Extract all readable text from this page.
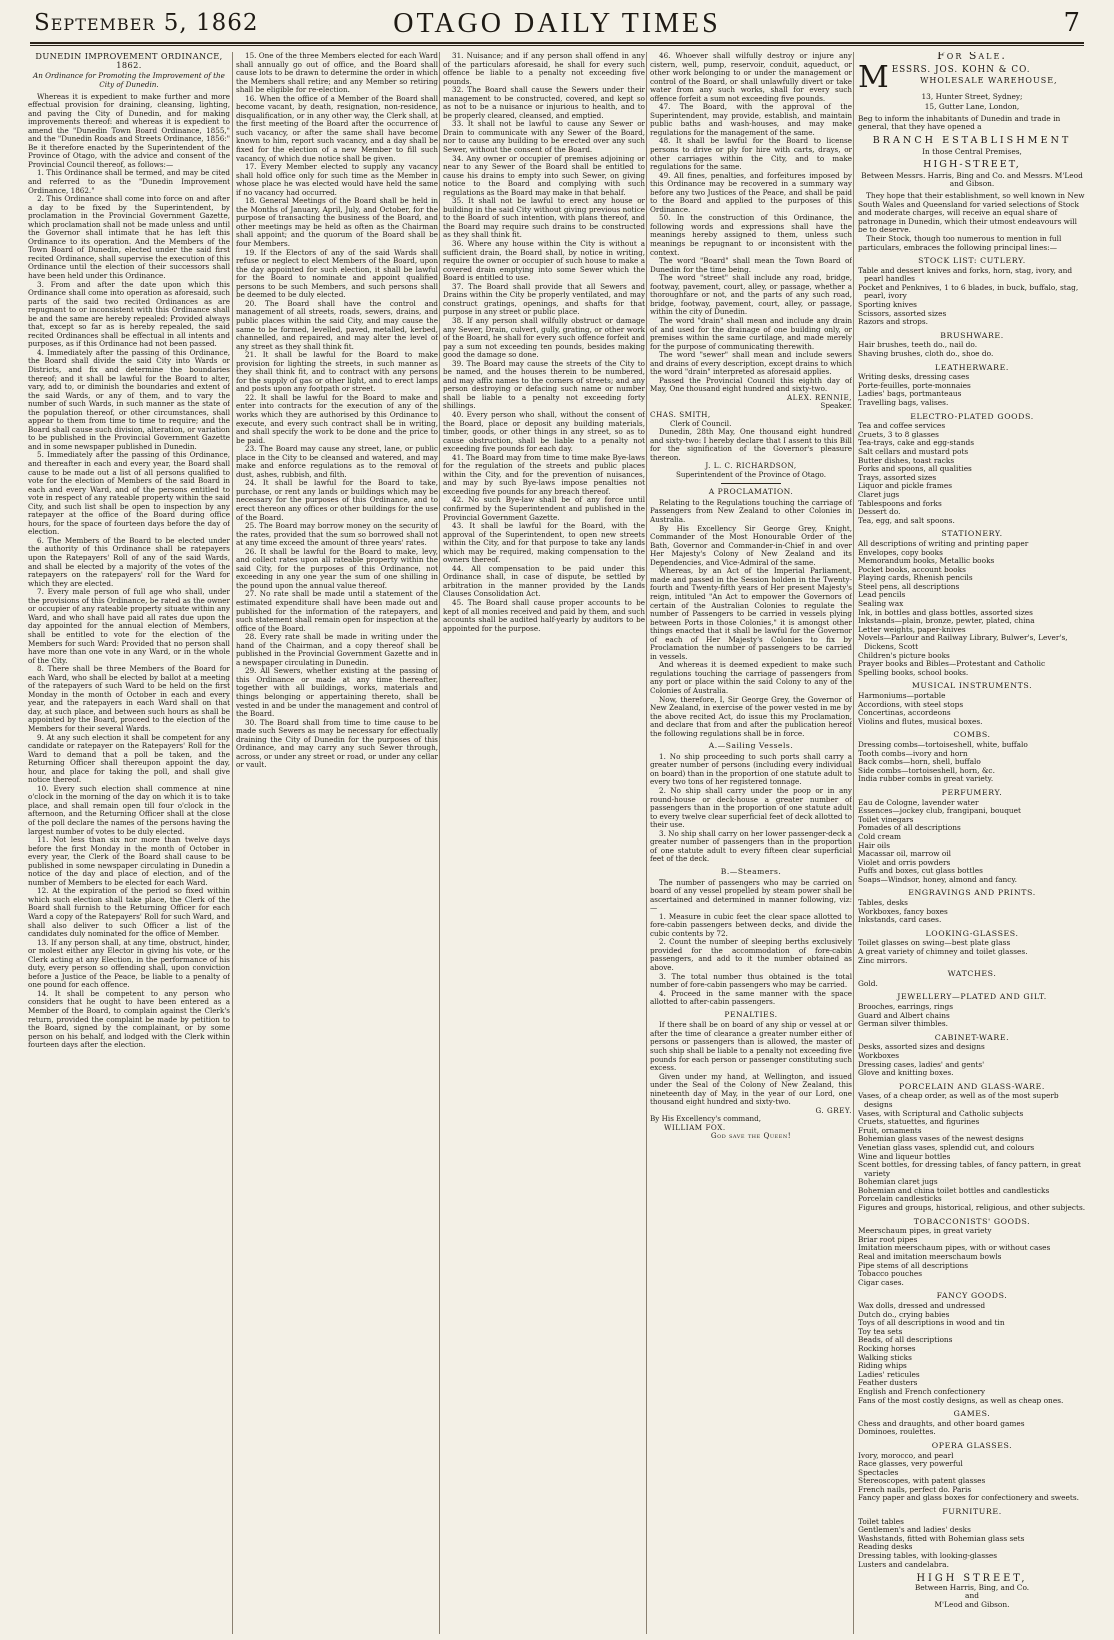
September 5, 1862	OTAGO DAILY TIMES	7
DUNEDIN IMPROVEMENT ORDINANCE, 1862.
An Ordinance for Promoting the Improvement of the City of Dunedin.

Whereas it is expedient to make further and more effectual provision for draining, cleansing, lighting, and paving the City of Dunedin, and for making improvements thereof: and whereas it is expedient to amend the "Dunedin Town Board Ordinance, 1855," and the "Dunedin Roads and Streets Ordinance, 1856:" Be it therefore enacted by the Superintendent of the Province of Otago, with the advice and consent of the Provincial Council thereof, as follows:—

1. This Ordinance shall be termed, and may be cited and referred to as the "Dunedin Improvement Ordinance, 1862."

2. This Ordinance shall come into force on and after a day to be fixed by the Superintendent, by proclamation in the Provincial Government Gazette, which proclamation shall not be made unless and until the Governor shall intimate that he has left this Ordinance to its operation. And the Members of the Town Board of Dunedin, elected under the said first recited Ordinance, shall supervise the execution of this Ordinance until the election of their successors shall have been held under this Ordinance.

3. From and after the date upon which this Ordinance shall come into operation as aforesaid, such parts of the said two recited Ordinances as are repugnant to or inconsistent with this Ordinance shall be and the same are hereby repealed: Provided always that, except so far as is hereby repealed, the said recited Ordinances shall be effectual in all intents and purposes, as if this Ordinance had not been passed.

4. Immediately after the passing of this Ordinance, the Board shall divide the said City into Wards or Districts, and fix and determine the boundaries thereof; and it shall be lawful for the Board to alter, vary, add to, or diminish the boundaries and extent of the said Wards, or any of them, and to vary the number of such Wards, in such manner as the state of the population thereof, or other circumstances, shall appear to them from time to time to require; and the Board shall cause such division, alteration, or variation to be published in the Provincial Government Gazette and in some newspaper published in Dunedin.

5. Immediately after the passing of this Ordinance, and thereafter in each and every year, the Board shall cause to be made out a list of all persons qualified to vote for the election of Members of the said Board in each and every Ward, and of the persons entitled to vote in respect of any rateable property within the said City, and such list shall be open to inspection by any ratepayer at the office of the Board during office hours, for the space of fourteen days before the day of election.

6. The Members of the Board to be elected under the authority of this Ordinance shall be ratepayers upon the Ratepayers' Roll of any of the said Wards, and shall be elected by a majority of the votes of the ratepayers on the ratepayers' roll for the Ward for which they are elected.

7. Every male person of full age who shall, under the provisions of this Ordinance, be rated as the owner or occupier of any rateable property situate within any Ward, and who shall have paid all rates due upon the day appointed for the annual election of Members, shall be entitled to vote for the election of the Members for such Ward: Provided that no person shall have more than one vote in any Ward, or in the whole of the City.

8. There shall be three Members of the Board for each Ward, who shall be elected by ballot at a meeting of the ratepayers of such Ward to be held on the first Monday in the month of October in each and every year, and the ratepayers in each Ward shall on that day, at such place, and between such hours as shall be appointed by the Board, proceed to the election of the Members for their several Wards.

9. At any such election it shall be competent for any candidate or ratepayer on the Ratepayers' Roll for the Ward to demand that a poll be taken, and the Returning Officer shall thereupon appoint the day, hour, and place for taking the poll, and shall give notice thereof.

10. Every such election shall commence at nine o'clock in the morning of the day on which it is to take place, and shall remain open till four o'clock in the afternoon, and the Returning Officer shall at the close of the poll declare the names of the persons having the largest number of votes to be duly elected.

11. Not less than six nor more than twelve days before the first Monday in the month of October in every year, the Clerk of the Board shall cause to be published in some newspaper circulating in Dunedin a notice of the day and place of election, and of the number of Members to be elected for each Ward.

12. At the expiration of the period so fixed within which such election shall take place, the Clerk of the Board shall furnish to the Returning Officer for each Ward a copy of the Ratepayers' Roll for such Ward, and shall also deliver to such Officer a list of the candidates duly nominated for the office of Member.

13. If any person shall, at any time, obstruct, hinder, or molest either any Elector in giving his vote, or the Clerk acting at any Election, in the performance of his duty, every person so offending shall, upon conviction before a Justice of the Peace, be liable to a penalty of one pound for each offence.

14. It shall be competent to any person who considers that he ought to have been entered as a Member of the Board, to complain against the Clerk's return, provided the complaint be made by petition to the Board, signed by the complainant, or by some person on his behalf, and lodged with the Clerk within fourteen days after the election.

15. One of the three Members elected for each Ward shall annually go out of office, and the Board shall cause lots to be drawn to determine the order in which the Members shall retire; and any Member so retiring shall be eligible for re-election.

16. When the office of a Member of the Board shall become vacant, by death, resignation, non-residence, disqualification, or in any other way, the Clerk shall, at the first meeting of the Board after the occurrence of such vacancy, or after the same shall have become known to him, report such vacancy, and a day shall be fixed for the election of a new Member to fill such vacancy, of which due notice shall be given.

17. Every Member elected to supply any vacancy shall hold office only for such time as the Member in whose place he was elected would have held the same if no vacancy had occurred.

18. General Meetings of the Board shall be held in the Months of January, April, July, and October, for the purpose of transacting the business of the Board, and other meetings may be held as often as the Chairman shall appoint; and the quorum of the Board shall be four Members.

19. If the Electors of any of the said Wards shall refuse or neglect to elect Members of the Board, upon the day appointed for such election, it shall be lawful for the Board to nominate and appoint qualified persons to be such Members, and such persons shall be deemed to be duly elected.

20. The Board shall have the control and management of all streets, roads, sewers, drains, and public places within the said City, and may cause the same to be formed, levelled, paved, metalled, kerbed, channelled, and repaired, and may alter the level of any street as they shall think fit.

21. It shall be lawful for the Board to make provision for lighting the streets, in such manner as they shall think fit, and to contract with any persons for the supply of gas or other light, and to erect lamps and posts upon any footpath or street.

22. It shall be lawful for the Board to make and enter into contracts for the execution of any of the works which they are authorised by this Ordinance to execute, and every such contract shall be in writing, and shall specify the work to be done and the price to be paid.

23. The Board may cause any street, lane, or public place in the City to be cleansed and watered, and may make and enforce regulations as to the removal of dust, ashes, rubbish, and filth.

24. It shall be lawful for the Board to take, purchase, or rent any lands or buildings which may be necessary for the purposes of this Ordinance, and to erect thereon any offices or other buildings for the use of the Board.

25. The Board may borrow money on the security of the rates, provided that the sum so borrowed shall not at any time exceed the amount of three years' rates.

26. It shall be lawful for the Board to make, levy, and collect rates upon all rateable property within the said City, for the purposes of this Ordinance, not exceeding in any one year the sum of one shilling in the pound upon the annual value thereof.

27. No rate shall be made until a statement of the estimated expenditure shall have been made out and published for the information of the ratepayers, and such statement shall remain open for inspection at the office of the Board.

28. Every rate shall be made in writing under the hand of the Chairman, and a copy thereof shall be published in the Provincial Government Gazette and in a newspaper circulating in Dunedin.

29. All Sewers, whether existing at the passing of this Ordinance or made at any time thereafter, together with all buildings, works, materials and things belonging or appertaining thereto, shall be vested in and be under the management and control of the Board.

30. The Board shall from time to time cause to be made such Sewers as may be necessary for effectually draining the City of Dunedin for the purposes of this Ordinance, and may carry any such Sewer through, across, or under any street or road, or under any cellar or vault.

31. Nuisance; and if any person shall offend in any of the particulars aforesaid, he shall for every such offence be liable to a penalty not exceeding five pounds.

32. The Board shall cause the Sewers under their management to be constructed, covered, and kept so as not to be a nuisance or injurious to health, and to be properly cleared, cleansed, and emptied.

33. It shall not be lawful to cause any Sewer or Drain to communicate with any Sewer of the Board, nor to cause any building to be erected over any such Sewer, without the consent of the Board.

34. Any owner or occupier of premises adjoining or near to any Sewer of the Board shall be entitled to cause his drains to empty into such Sewer, on giving notice to the Board and complying with such regulations as the Board may make in that behalf.

35. It shall not be lawful to erect any house or building in the said City without giving previous notice to the Board of such intention, with plans thereof, and the Board may require such drains to be constructed as they shall think fit.

36. Where any house within the City is without a sufficient drain, the Board shall, by notice in writing, require the owner or occupier of such house to make a covered drain emptying into some Sewer which the Board is entitled to use.

37. The Board shall provide that all Sewers and Drains within the City be properly ventilated, and may construct gratings, openings, and shafts for that purpose in any street or public place.

38. If any person shall wilfully obstruct or damage any Sewer, Drain, culvert, gully, grating, or other work of the Board, he shall for every such offence forfeit and pay a sum not exceeding ten pounds, besides making good the damage so done.

39. The Board may cause the streets of the City to be named, and the houses therein to be numbered, and may affix names to the corners of streets; and any person destroying or defacing such name or number shall be liable to a penalty not exceeding forty shillings.

40. Every person who shall, without the consent of the Board, place or deposit any building materials, timber, goods, or other things in any street, so as to cause obstruction, shall be liable to a penalty not exceeding five pounds for each day.

41. The Board may from time to time make Bye-laws for the regulation of the streets and public places within the City, and for the prevention of nuisances, and may by such Bye-laws impose penalties not exceeding five pounds for any breach thereof.

42. No such Bye-law shall be of any force until confirmed by the Superintendent and published in the Provincial Government Gazette.

43. It shall be lawful for the Board, with the approval of the Superintendent, to open new streets within the City, and for that purpose to take any lands which may be required, making compensation to the owners thereof.

44. All compensation to be paid under this Ordinance shall, in case of dispute, be settled by arbitration in the manner provided by the Lands Clauses Consolidation Act.

45. The Board shall cause proper accounts to be kept of all monies received and paid by them, and such accounts shall be audited half-yearly by auditors to be appointed for the purpose.

46. Whoever shall wilfully destroy or injure any cistern, well, pump, reservoir, conduit, aqueduct, or other work belonging to or under the management or control of the Board, or shall unlawfully divert or take water from any such works, shall for every such offence forfeit a sum not exceeding five pounds.

47. The Board, with the approval of the Superintendent, may provide, establish, and maintain public baths and wash-houses, and may make regulations for the management of the same.

48. It shall be lawful for the Board to license persons to drive or ply for hire with carts, drays, or other carriages within the City, and to make regulations for the same.

49. All fines, penalties, and forfeitures imposed by this Ordinance may be recovered in a summary way before any two Justices of the Peace, and shall be paid to the Board and applied to the purposes of this Ordinance.

50. In the construction of this Ordinance, the following words and expressions shall have the meanings hereby assigned to them, unless such meanings be repugnant to or inconsistent with the context.

The word "Board" shall mean the Town Board of Dunedin for the time being.

The word "street" shall include any road, bridge, footway, pavement, court, alley, or passage, whether a thoroughfare or not, and the parts of any such road, bridge, footway, pavement, court, alley, or passage, within the city of Dunedin.

The word "drain" shall mean and include any drain of and used for the drainage of one building only, or premises within the same curtilage, and made merely for the purpose of communicating therewith.

The word "sewer" shall mean and include sewers and drains of every description, except drains to which the word "drain" interpreted as aforesaid applies.

Passed the Provincial Council this eighth day of May, One thousand eight hundred and sixty-two.

ALEX. RENNIE,

Speaker.

CHAS. SMITH,

Clerk of Council.

Dunedin, 28th May, One thousand eight hundred and sixty-two: I hereby declare that I assent to this Bill for the signification of the Governor's pleasure thereon.

J. L. C. RICHARDSON,

Superintendent of the Province of Otago.

A PROCLAMATION.

Relating to the Regulations touching the carriage of Passengers from New Zealand to other Colonies in Australia.

By His Excellency Sir George Grey, Knight, Commander of the Most Honourable Order of the Bath, Governor and Commander-in-Chief in and over Her Majesty's Colony of New Zealand and its Dependencies, and Vice-Admiral of the same.

Whereas, by an Act of the Imperial Parliament, made and passed in the Session holden in the Twenty-fourth and Twenty-fifth years of Her present Majesty's reign, intituled "An Act to empower the Governors of certain of the Australian Colonies to regulate the number of Passengers to be carried in vessels plying between Ports in those Colonies," it is amongst other things enacted that it shall be lawful for the Governor of each of Her Majesty's Colonies to fix by Proclamation the number of passengers to be carried in vessels.

And whereas it is deemed expedient to make such regulations touching the carriage of passengers from any port or place within the said Colony to any of the Colonies of Australia.

Now, therefore, I, Sir George Grey, the Governor of New Zealand, in exercise of the power vested in me by the above recited Act, do issue this my Proclamation, and declare that from and after the publication hereof the following regulations shall be in force.

A.—Sailing Vessels.

1. No ship proceeding to such ports shall carry a greater number of persons (including every individual on board) than in the proportion of one statute adult to every two tons of her registered tonnage.

2. No ship shall carry under the poop or in any round-house or deck-house a greater number of passengers than in the proportion of one statute adult to every twelve clear superficial feet of deck allotted to their use.

3. No ship shall carry on her lower passenger-deck a greater number of passengers than in the proportion of one statute adult to every fifteen clear superficial feet of the deck.

B.—Steamers.

The number of passengers who may be carried on board of any vessel propelled by steam power shall be ascertained and determined in manner following, viz:—

1. Measure in cubic feet the clear space allotted to fore-cabin passengers between decks, and divide the cubic contents by 72.

2. Count the number of sleeping berths exclusively provided for the accommodation of fore-cabin passengers, and add to it the number obtained as above.

3. The total number thus obtained is the total number of fore-cabin passengers who may be carried.

4. Proceed in the same manner with the space allotted to after-cabin passengers.

PENALTIES.

If there shall be on board of any ship or vessel at or after the time of clearance a greater number either of persons or passengers than is allowed, the master of such ship shall be liable to a penalty not exceeding five pounds for each person or passenger constituting such excess.

Given under my hand, at Wellington, and issued under the Seal of the Colony of New Zealand, this nineteenth day of May, in the year of our Lord, one thousand eight hundred and sixty-two.

G. GREY.

By His Excellency's command,

WILLIAM FOX.

God save the Queen!

For Sale.
M ESSRS. JOS. KOHN & CO.
WHOLESALE WAREHOUSE,
13, Hunter Street, Sydney;
15, Gutter Lane, London,
Beg to inform the inhabitants of Dunedin and trade in general, that they have opened a
BRANCH ESTABLISHMENT
In those Central Premises,
HIGH-STREET,
Between Messrs. Harris, Bing and Co. and Messrs. M'Leod and Gibson.
They hope that their establishment, so well known in New South Wales and Queensland for varied selections of Stock and moderate charges, will receive an equal share of patronage in Dunedin, which their utmost endeavours will be to deserve.
Their Stock, though too numerous to mention in full particulars, embraces the following principal lines:—
STOCK LIST: CUTLERY.
Table and dessert knives and forks, horn, stag, ivory, and pearl handles
Pocket and Penknives, 1 to 6 blades, in buck, buffalo, stag, pearl, ivory
Sporting knives
Scissors, assorted sizes
Razors and strops.
BRUSHWARE.
Hair brushes, teeth do., nail do.
Shaving brushes, cloth do., shoe do.
LEATHERWARE.
Writing desks, dressing cases
Porte-feuilles, porte-monnaies
Ladies' bags, portmanteaus
Travelling bags, valises.
ELECTRO-PLATED GOODS.
Tea and coffee services
Cruets, 3 to 8 glasses
Tea-trays, cake and egg-stands
Salt cellars and mustard pots
Butter dishes, toast racks
Forks and spoons, all qualities
Trays, assorted sizes
Liquor and pickle frames
Claret jugs
Tablespoons and forks
Dessert do.
Tea, egg, and salt spoons.
STATIONERY.
All descriptions of writing and printing paper
Envelopes, copy books
Memorandum books, Metallic books
Pocket books, account books
Playing cards, Rhenish pencils
Steel pens, all descriptions
Lead pencils
Sealing wax
Ink, in bottles and glass bottles, assorted sizes
Inkstands—plain, bronze, pewter, plated, china
Letter weights, paper-knives
Novels—Parlour and Railway Library, Bulwer's, Lever's, Dickens, Scott
Children's picture books
Prayer books and Bibles—Protestant and Catholic
Spelling books, school books.
MUSICAL INSTRUMENTS.
Harmoniums—portable
Accordions, with steel stops
Concertinas, accordeons
Violins and flutes, musical boxes.
COMBS.
Dressing combs—tortoiseshell, white, buffalo
Tooth combs—ivory and horn
Back combs—horn, shell, buffalo
Side combs—tortoiseshell, horn, &c.
India rubber combs in great variety.
PERFUMERY.
Eau de Cologne, lavender water
Essences—jockey club, frangipani, bouquet
Toilet vinegars
Pomades of all descriptions
Cold cream
Hair oils
Macassar oil, marrow oil
Violet and orris powders
Puffs and boxes, cut glass bottles
Soaps—Windsor, honey, almond and fancy.
ENGRAVINGS AND PRINTS.
Tables, desks
Workboxes, fancy boxes
Inkstands, card cases.
LOOKING-GLASSES.
Toilet glasses on swing—best plate glass
A great variety of chimney and toilet glasses.
Zinc mirrors.
WATCHES.
Gold.
JEWELLERY—PLATED AND GILT.
Brooches, earrings, rings
Guard and Albert chains
German silver thimbles.
CABINET-WARE.
Desks, assorted sizes and designs
Workboxes
Dressing cases, ladies' and gents'
Glove and knitting boxes.
PORCELAIN AND GLASS-WARE.
Vases, of a cheap order, as well as of the most superb designs
Vases, with Scriptural and Catholic subjects
Cruets, statuettes, and figurines
Fruit, ornaments
Bohemian glass vases of the newest designs
Venetian glass vases, splendid cut, and colours
Wine and liqueur bottles
Scent bottles, for dressing tables, of fancy pattern, in great variety
Bohemian claret jugs
Bohemian and china toilet bottles and candlesticks
Porcelain candlesticks
Figures and groups, historical, religious, and other subjects.
TOBACCONISTS' GOODS.
Meerschaum pipes, in great variety
Briar root pipes
Imitation meerschaum pipes, with or without cases
Real and imitation meerschaum bowls
Pipe stems of all descriptions
Tobacco pouches
Cigar cases.
FANCY GOODS.
Wax dolls, dressed and undressed
Dutch do., crying babies
Toys of all descriptions in wood and tin
Toy tea sets
Beads, of all descriptions
Rocking horses
Walking sticks
Riding whips
Ladies' reticules
Feather dusters
English and French confectionery
Fans of the most costly designs, as well as cheap ones.
GAMES.
Chess and draughts, and other board games
Dominoes, roulettes.
OPERA GLASSES.
Ivory, morocco, and pearl
Race glasses, very powerful
Spectacles
Stereoscopes, with patent glasses
French nails, perfect do. Paris
Fancy paper and glass boxes for confectionery and sweets.
FURNITURE.
Toilet tables
Gentlemen's and ladies' desks
Washstands, fitted with Bohemian glass sets
Reading desks
Dressing tables, with looking-glasses
Lusters and candelabra.
HIGH STREET,
Between Harris, Bing, and Co.
and
M'Leod and Gibson.
